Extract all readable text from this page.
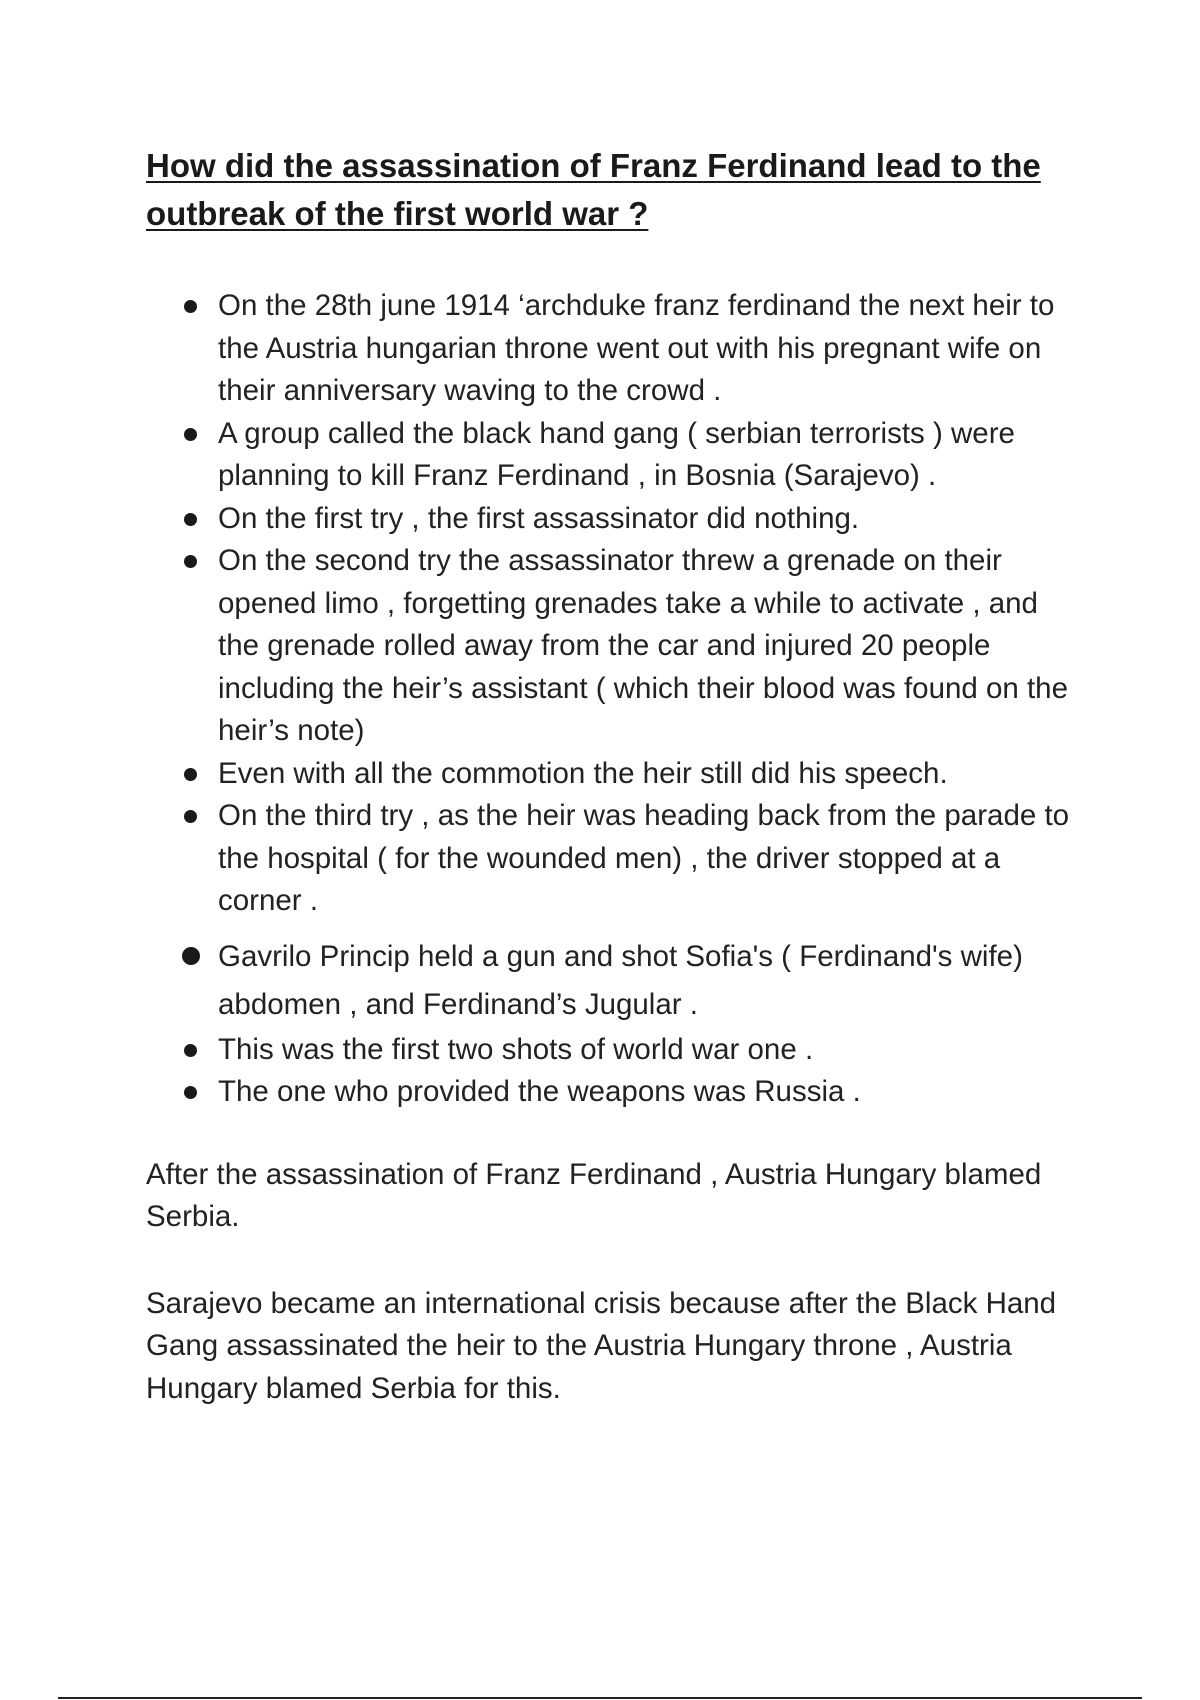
How did the assassination of Franz Ferdinand lead to the outbreak of the first world war ?
On the 28th june 1914 ‘archduke franz ferdinand the next heir to the Austria hungarian throne went out with his pregnant wife on their anniversary waving to the crowd .
A group called the black hand gang ( serbian terrorists ) were planning to kill Franz Ferdinand , in Bosnia (Sarajevo) .
On the first try , the first assassinator did nothing.
On the second try the assassinator threw a grenade on their opened limo , forgetting grenades take a while to activate , and the grenade rolled away from the car and injured 20 people including the heir’s assistant ( which their blood was found on the heir’s note)
Even with all the commotion the heir still did his speech.
On the third try , as the heir was heading back from the parade to the hospital ( for the wounded men) , the driver stopped at a corner .
Gavrilo Princip held a gun and shot Sofia's ( Ferdinand's wife) abdomen , and Ferdinand’s Jugular .
This was the first two shots of world war one .
The one who provided the weapons was Russia .

After the assassination of Franz Ferdinand , Austria Hungary blamed Serbia.

Sarajevo became an international crisis because after the Black Hand Gang assassinated the heir to the Austria Hungary throne , Austria Hungary blamed Serbia for this.
